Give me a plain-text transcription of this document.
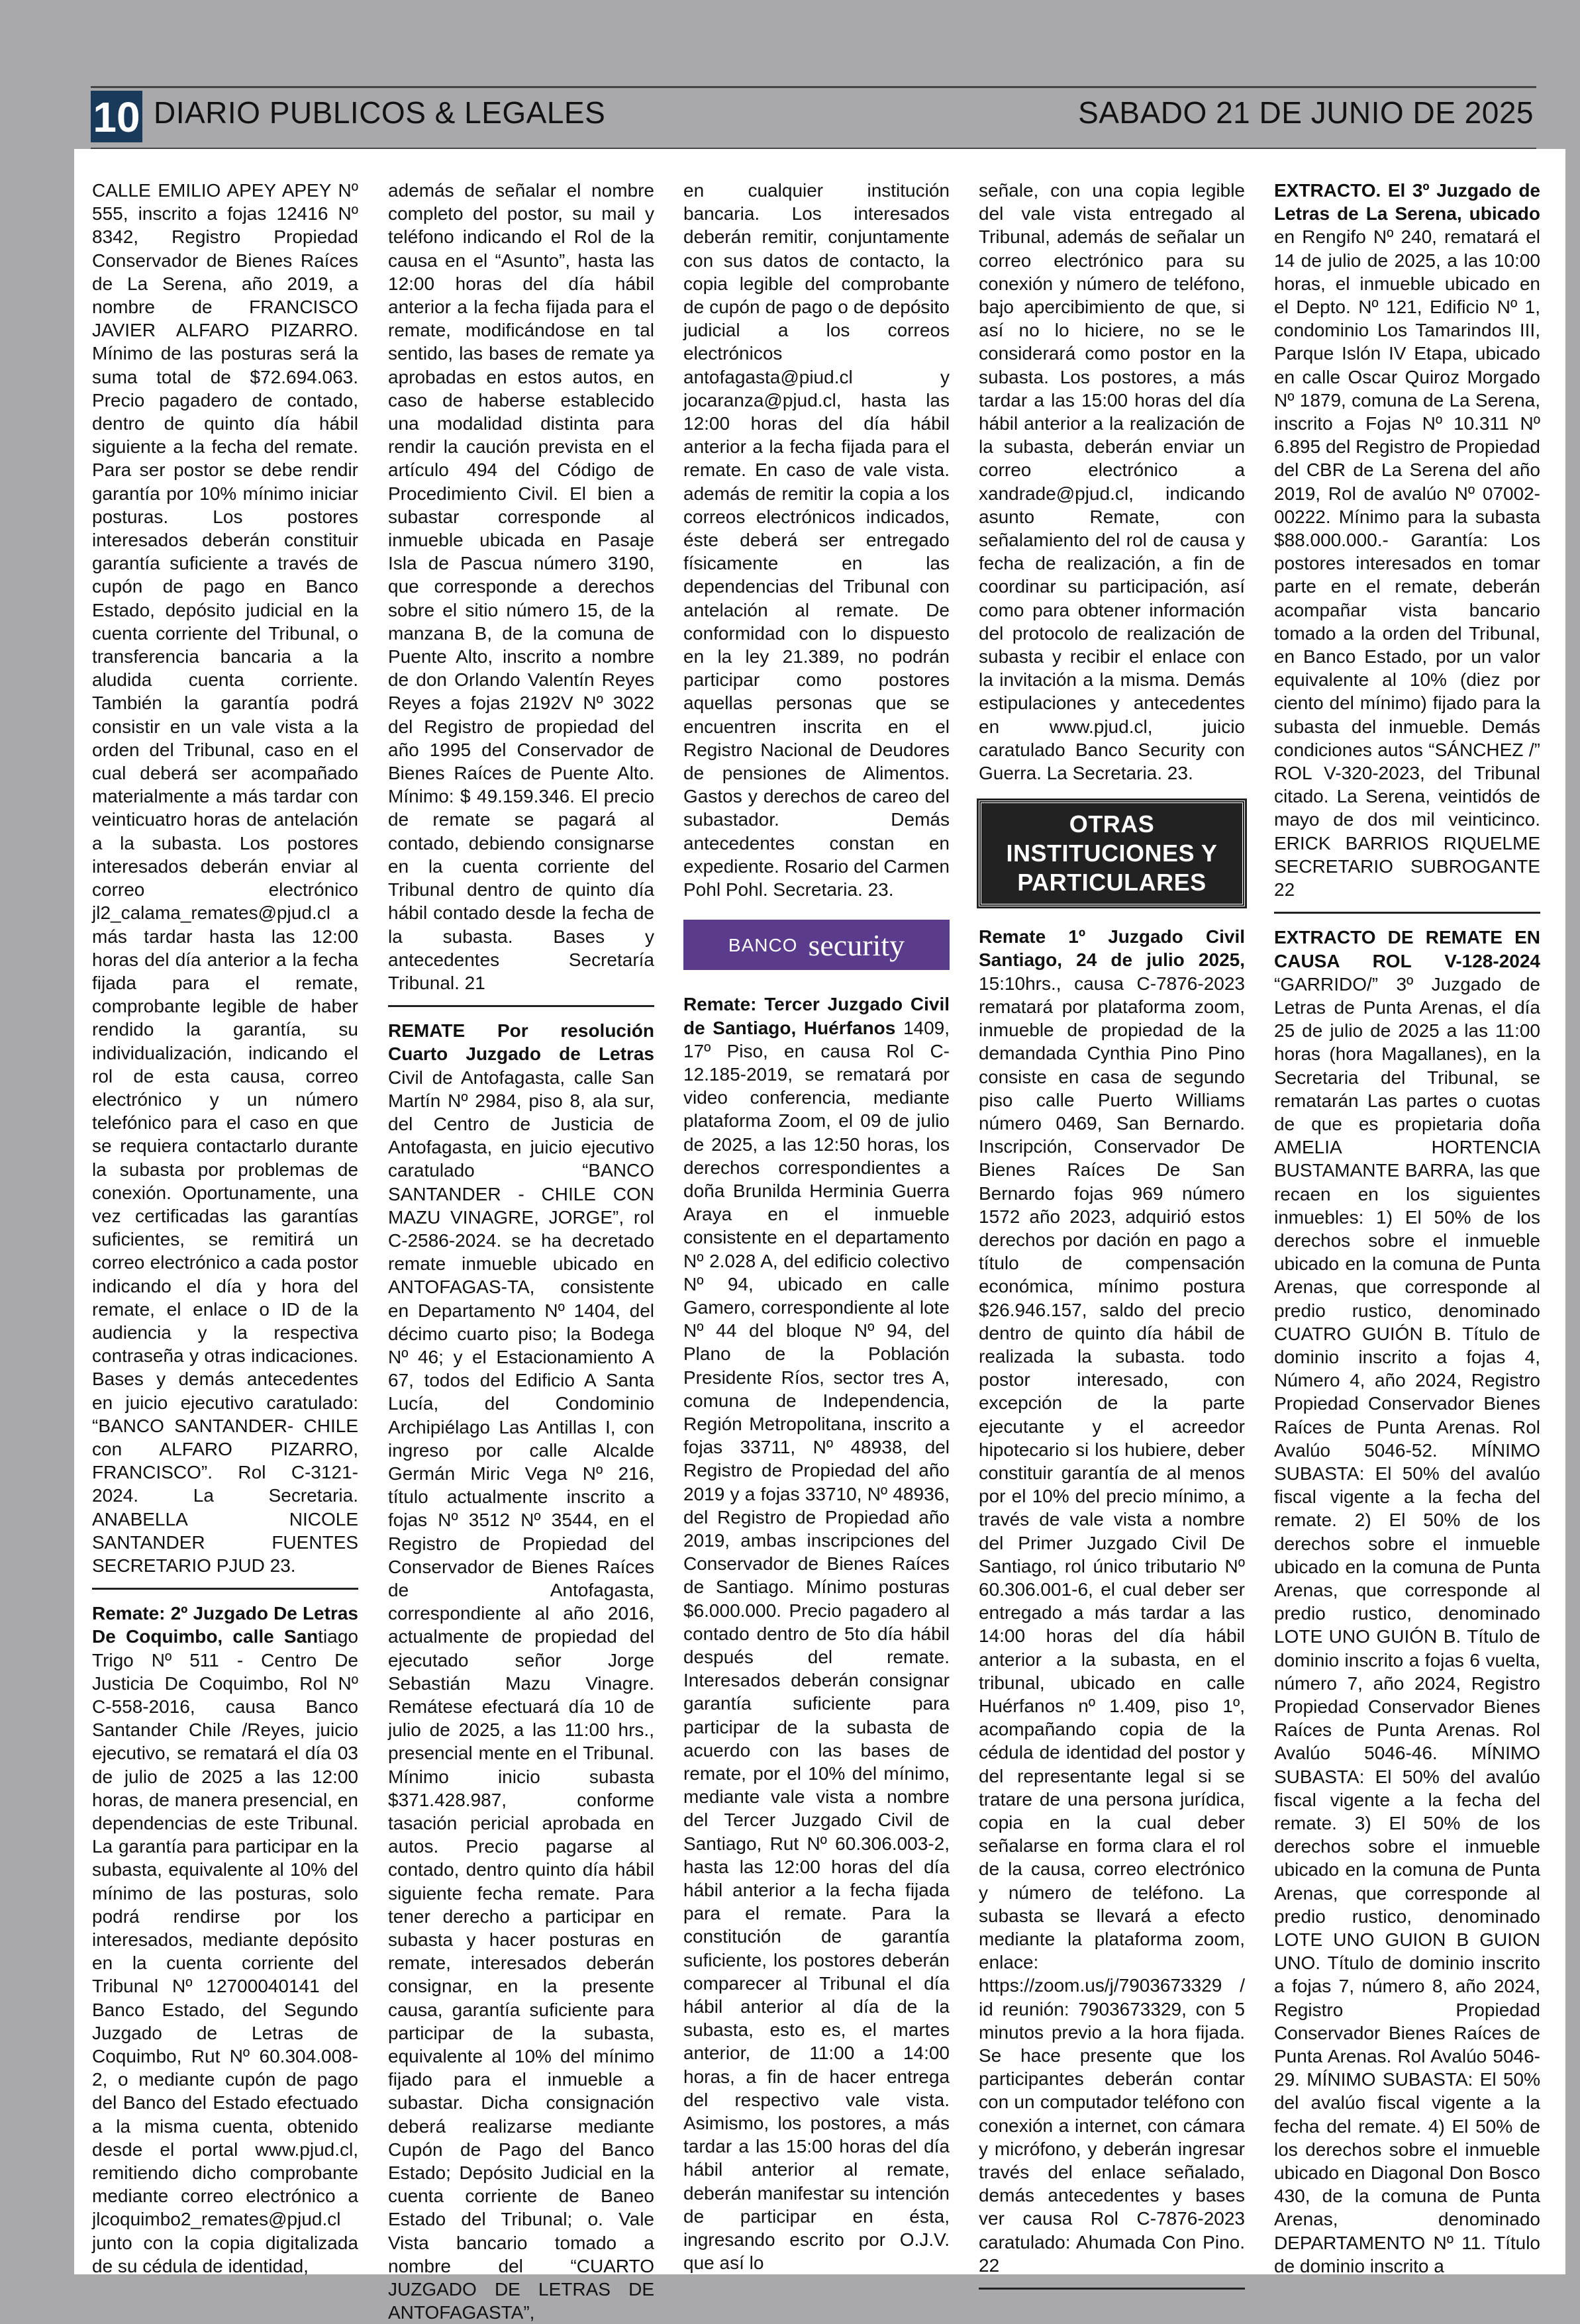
10 DIARIO PUBLICOS & LEGALES	SABADO 21 DE JUNIO DE 2025

CALLE EMILIO APEY APEY Nº 555, inscrito a fojas 12416 Nº 8342, Registro Propiedad Conservador de Bienes Raíces de La Serena, año 2019, a nombre de FRANCISCO JAVIER ALFARO PIZARRO. Mínimo de las posturas será la suma total de $72.694.063. Precio pagadero de contado, dentro de quinto día hábil siguiente a la fecha del remate. Para ser postor se debe rendir garantía por 10% mínimo iniciar posturas. Los postores interesados deberán constituir garantía suficiente a través de cupón de pago en Banco Estado, depósito judicial en la cuenta corriente del Tribunal, o transferencia bancaria a la aludida cuenta corriente. También la garantía podrá consistir en un vale vista a la orden del Tribunal, caso en el cual deberá ser acompañado materialmente a más tardar con veinticuatro horas de antelación a la subasta. Los postores interesados deberán enviar al correo electrónico jl2_calama_remates@pjud.cl a más tardar hasta las 12:00 horas del día anterior a la fecha fijada para el remate, comprobante legible de haber rendido la garantía, su individualización, indicando el rol de esta causa, correo electrónico y un número telefónico para el caso en que se requiera contactarlo durante la subasta por problemas de conexión. Oportunamente, una vez certificadas las garantías suficientes, se remitirá un correo electrónico a cada postor indicando el día y hora del remate, el enlace o ID de la audiencia y la respectiva contraseña y otras indicaciones. Bases y demás antecedentes en juicio ejecutivo caratulado: “BANCO SANTANDER- CHILE con ALFARO PIZARRO, FRANCISCO”. Rol C-3121-2024. La Secretaria. ANABELLA NICOLE SANTANDER FUENTES SECRETARIO PJUD 23.

Remate: 2º Juzgado De Letras De Coquimbo, calle Santiago Trigo Nº 511 - Centro De Justicia De Coquimbo, Rol Nº C-558-2016, causa Banco Santander Chile /Reyes, juicio ejecutivo, se rematará el día 03 de julio de 2025 a las 12:00 horas, de manera presencial, en dependencias de este Tribunal. La garantía para participar en la subasta, equivalente al 10% del mínimo de las posturas, solo podrá rendirse por los interesados, mediante depósito en la cuenta corriente del Tribunal Nº 12700040141 del Banco Estado, del Segundo Juzgado de Letras de Coquimbo, Rut Nº 60.304.008-2, o mediante cupón de pago del Banco del Estado efectuado a la misma cuenta, obtenido desde el portal www.pjud.cl, remitiendo dicho comprobante mediante correo electrónico a jlcoquimbo2_remates@pjud.cl junto con la copia digitalizada de su cédula de identidad,

además de señalar el nombre completo del postor, su mail y teléfono indicando el Rol de la causa en el “Asunto”, hasta las 12:00 horas del día hábil anterior a la fecha fijada para el remate, modificándose en tal sentido, las bases de remate ya aprobadas en estos autos, en caso de haberse establecido una modalidad distinta para rendir la caución prevista en el artículo 494 del Código de Procedimiento Civil. El bien a subastar corresponde al inmueble ubicada en Pasaje Isla de Pascua número 3190, que corresponde a derechos sobre el sitio número 15, de la manzana B, de la comuna de Puente Alto, inscrito a nombre de don Orlando Valentín Reyes Reyes a fojas 2192V Nº 3022 del Registro de propiedad del año 1995 del Conservador de Bienes Raíces de Puente Alto. Mínimo: $ 49.159.346. El precio de remate se pagará al contado, debiendo consignarse en la cuenta corriente del Tribunal dentro de quinto día hábil contado desde la fecha de la subasta. Bases y antecedentes Secretaría Tribunal. 21

REMATE Por resolución Cuarto Juzgado de Letras Civil de Antofagasta, calle San Martín Nº 2984, piso 8, ala sur, del Centro de Justicia de Antofagasta, en juicio ejecutivo caratulado “BANCO SANTANDER - CHILE CON MAZU VINAGRE, JORGE”, rol C-2586-2024. se ha decretado remate inmueble ubicado en ANTOFAGAS-TA, consistente en Departamento Nº 1404, del décimo cuarto piso; la Bodega Nº 46; y el Estacionamiento A 67, todos del Edificio A Santa Lucía, del Condominio Archipiélago Las Antillas I, con ingreso por calle Alcalde Germán Miric Vega Nº 216, título actualmente inscrito a fojas Nº 3512 Nº 3544, en el Registro de Propiedad del Conservador de Bienes Raíces de Antofagasta, correspondiente al año 2016, actualmente de propiedad del ejecutado señor Jorge Sebastián Mazu Vinagre. Remátese efectuará día 10 de julio de 2025, a las 11:00 hrs., presencial mente en el Tribunal. Mínimo inicio subasta $371.428.987, conforme tasación pericial aprobada en autos. Precio pagarse al contado, dentro quinto día hábil siguiente fecha remate. Para tener derecho a participar en subasta y hacer posturas en remate, interesados deberán consignar, en la presente causa, garantía suficiente para participar de la subasta, equivalente al 10% del mínimo fijado para el inmueble a subastar. Dicha consignación deberá realizarse mediante Cupón de Pago del Banco Estado; Depósito Judicial en la cuenta corriente de Baneo Estado del Tribunal; o. Vale Vista bancario tomado a nombre del “CUARTO JUZGADO DE LETRAS DE ANTOFAGASTA”,

en cualquier institución bancaria. Los interesados deberán remitir, conjuntamente con sus datos de contacto, la copia legible del comprobante de cupón de pago o de depósito judicial a los correos electrónicos antofagasta@piud.cl y jocaranza@pjud.cl, hasta las 12:00 horas del día hábil anterior a la fecha fijada para el remate. En caso de vale vista. además de remitir la copia a los correos electrónicos indicados, éste deberá ser entregado físicamente en las dependencias del Tribunal con antelación al remate. De conformidad con lo dispuesto en la ley 21.389, no podrán participar como postores aquellas personas que se encuentren inscrita en el Registro Nacional de Deudores de pensiones de Alimentos. Gastos y derechos de careo del subastador. Demás antecedentes constan en expediente. Rosario del Carmen Pohl Pohl. Secretaria. 23.

BANCO security

Remate: Tercer Juzgado Civil de Santiago, Huérfanos 1409, 17º Piso, en causa Rol C-12.185-2019, se rematará por video conferencia, mediante plataforma Zoom, el 09 de julio de 2025, a las 12:50 horas, los derechos correspondientes a doña Brunilda Herminia Guerra Araya en el inmueble consistente en el departamento Nº 2.028 A, del edificio colectivo Nº 94, ubicado en calle Gamero, correspondiente al lote Nº 44 del bloque Nº 94, del Plano de la Población Presidente Ríos, sector tres A, comuna de Independencia, Región Metropolitana, inscrito a fojas 33711, Nº 48938, del Registro de Propiedad del año 2019 y a fojas 33710, Nº 48936, del Registro de Propiedad año 2019, ambas inscripciones del Conservador de Bienes Raíces de Santiago. Mínimo posturas $6.000.000. Precio pagadero al contado dentro de 5to día hábil después del remate. Interesados deberán consignar garantía suficiente para participar de la subasta de acuerdo con las bases de remate, por el 10% del mínimo, mediante vale vista a nombre del Tercer Juzgado Civil de Santiago, Rut Nº 60.306.003-2, hasta las 12:00 horas del día hábil anterior a la fecha fijada para el remate. Para la constitución de garantía suficiente, los postores deberán comparecer al Tribunal el día hábil anterior al día de la subasta, esto es, el martes anterior, de 11:00 a 14:00 horas, a fin de hacer entrega del respectivo vale vista. Asimismo, los postores, a más tardar a las 15:00 horas del día hábil anterior al remate, deberán manifestar su intención de participar en ésta, ingresando escrito por O.J.V. que así lo

señale, con una copia legible del vale vista entregado al Tribunal, además de señalar un correo electrónico para su conexión y número de teléfono, bajo apercibimiento de que, si así no lo hiciere, no se le considerará como postor en la subasta. Los postores, a más tardar a las 15:00 horas del día hábil anterior a la realización de la subasta, deberán enviar un correo electrónico a xandrade@pjud.cl, indicando asunto Remate, con señalamiento del rol de causa y fecha de realización, a fin de coordinar su participación, así como para obtener información del protocolo de realización de subasta y recibir el enlace con la invitación a la misma. Demás estipulaciones y antecedentes en www.pjud.cl, juicio caratulado Banco Security con Guerra. La Secretaria. 23.

OTRAS INSTITUCIONES Y PARTICULARES

Remate 1º Juzgado Civil Santiago, 24 de julio 2025, 15:10hrs., causa C-7876-2023 rematará por plataforma zoom, inmueble de propiedad de la demandada Cynthia Pino Pino consiste en casa de segundo piso calle Puerto Williams número 0469, San Bernardo. Inscripción, Conservador De Bienes Raíces De San Bernardo fojas 969 número 1572 año 2023, adquirió estos derechos por dación en pago a título de compensación económica, mínimo postura $26.946.157, saldo del precio dentro de quinto día hábil de realizada la subasta. todo postor interesado, con excepción de la parte ejecutante y el acreedor hipotecario si los hubiere, deber constituir garantía de al menos por el 10% del precio mínimo, a través de vale vista a nombre del Primer Juzgado Civil De Santiago, rol único tributario Nº 60.306.001-6, el cual deber ser entregado a más tardar a las 14:00 horas del día hábil anterior a la subasta, en el tribunal, ubicado en calle Huérfanos nº 1.409, piso 1º, acompañando copia de la cédula de identidad del postor y del representante legal si se tratare de una persona jurídica, copia en la cual deber señalarse en forma clara el rol de la causa, correo electrónico y número de teléfono. La subasta se llevará a efecto mediante la plataforma zoom, enlace: https://zoom.us/j/7903673329 / id reunión: 7903673329, con 5 minutos previo a la hora fijada. Se hace presente que los participantes deberán contar con un computador teléfono con conexión a internet, con cámara y micrófono, y deberán ingresar través del enlace señalado, demás antecedentes y bases ver causa Rol C-7876-2023 caratulado: Ahumada Con Pino. 22

EXTRACTO. El 3º Juzgado de Letras de La Serena, ubicado en Rengifo Nº 240, rematará el 14 de julio de 2025, a las 10:00 horas, el inmueble ubicado en el Depto. Nº 121, Edificio Nº 1, condominio Los Tamarindos III, Parque Islón IV Etapa, ubicado en calle Oscar Quiroz Morgado Nº 1879, comuna de La Serena, inscrito a Fojas Nº 10.311 Nº 6.895 del Registro de Propiedad del CBR de La Serena del año 2019, Rol de avalúo Nº 07002-00222. Mínimo para la subasta $88.000.000.- Garantía: Los postores interesados en tomar parte en el remate, deberán acompañar vista bancario tomado a la orden del Tribunal, en Banco Estado, por un valor equivalente al 10% (diez por ciento del mínimo) fijado para la subasta del inmueble. Demás condiciones autos “SÁNCHEZ /” ROL V-320-2023, del Tribunal citado. La Serena, veintidós de mayo de dos mil veinticinco. ERICK BARRIOS RIQUELME SECRETARIO SUBROGANTE 22

EXTRACTO DE REMATE EN CAUSA ROL V-128-2024 “GARRIDO/” 3º Juzgado de Letras de Punta Arenas, el día 25 de julio de 2025 a las 11:00 horas (hora Magallanes), en la Secretaria del Tribunal, se rematarán Las partes o cuotas de que es propietaria doña AMELIA HORTENCIA BUSTAMANTE BARRA, las que recaen en los siguientes inmuebles: 1) El 50% de los derechos sobre el inmueble ubicado en la comuna de Punta Arenas, que corresponde al predio rustico, denominado CUATRO GUIÓN B. Título de dominio inscrito a fojas 4, Número 4, año 2024, Registro Propiedad Conservador Bienes Raíces de Punta Arenas. Rol Avalúo 5046-52. MÍNIMO SUBASTA: El 50% del avalúo fiscal vigente a la fecha del remate. 2) El 50% de los derechos sobre el inmueble ubicado en la comuna de Punta Arenas, que corresponde al predio rustico, denominado LOTE UNO GUIÓN B. Título de dominio inscrito a fojas 6 vuelta, número 7, año 2024, Registro Propiedad Conservador Bienes Raíces de Punta Arenas. Rol Avalúo 5046-46. MÍNIMO SUBASTA: El 50% del avalúo fiscal vigente a la fecha del remate. 3) El 50% de los derechos sobre el inmueble ubicado en la comuna de Punta Arenas, que corresponde al predio rustico, denominado LOTE UNO GUION B GUION UNO. Título de dominio inscrito a fojas 7, número 8, año 2024, Registro Propiedad Conservador Bienes Raíces de Punta Arenas. Rol Avalúo 5046-29. MÍNIMO SUBASTA: El 50% del avalúo fiscal vigente a la fecha del remate. 4) El 50% de los derechos sobre el inmueble ubicado en Diagonal Don Bosco 430, de la comuna de Punta Arenas, denominado DEPARTAMENTO Nº 11. Título de dominio inscrito a
